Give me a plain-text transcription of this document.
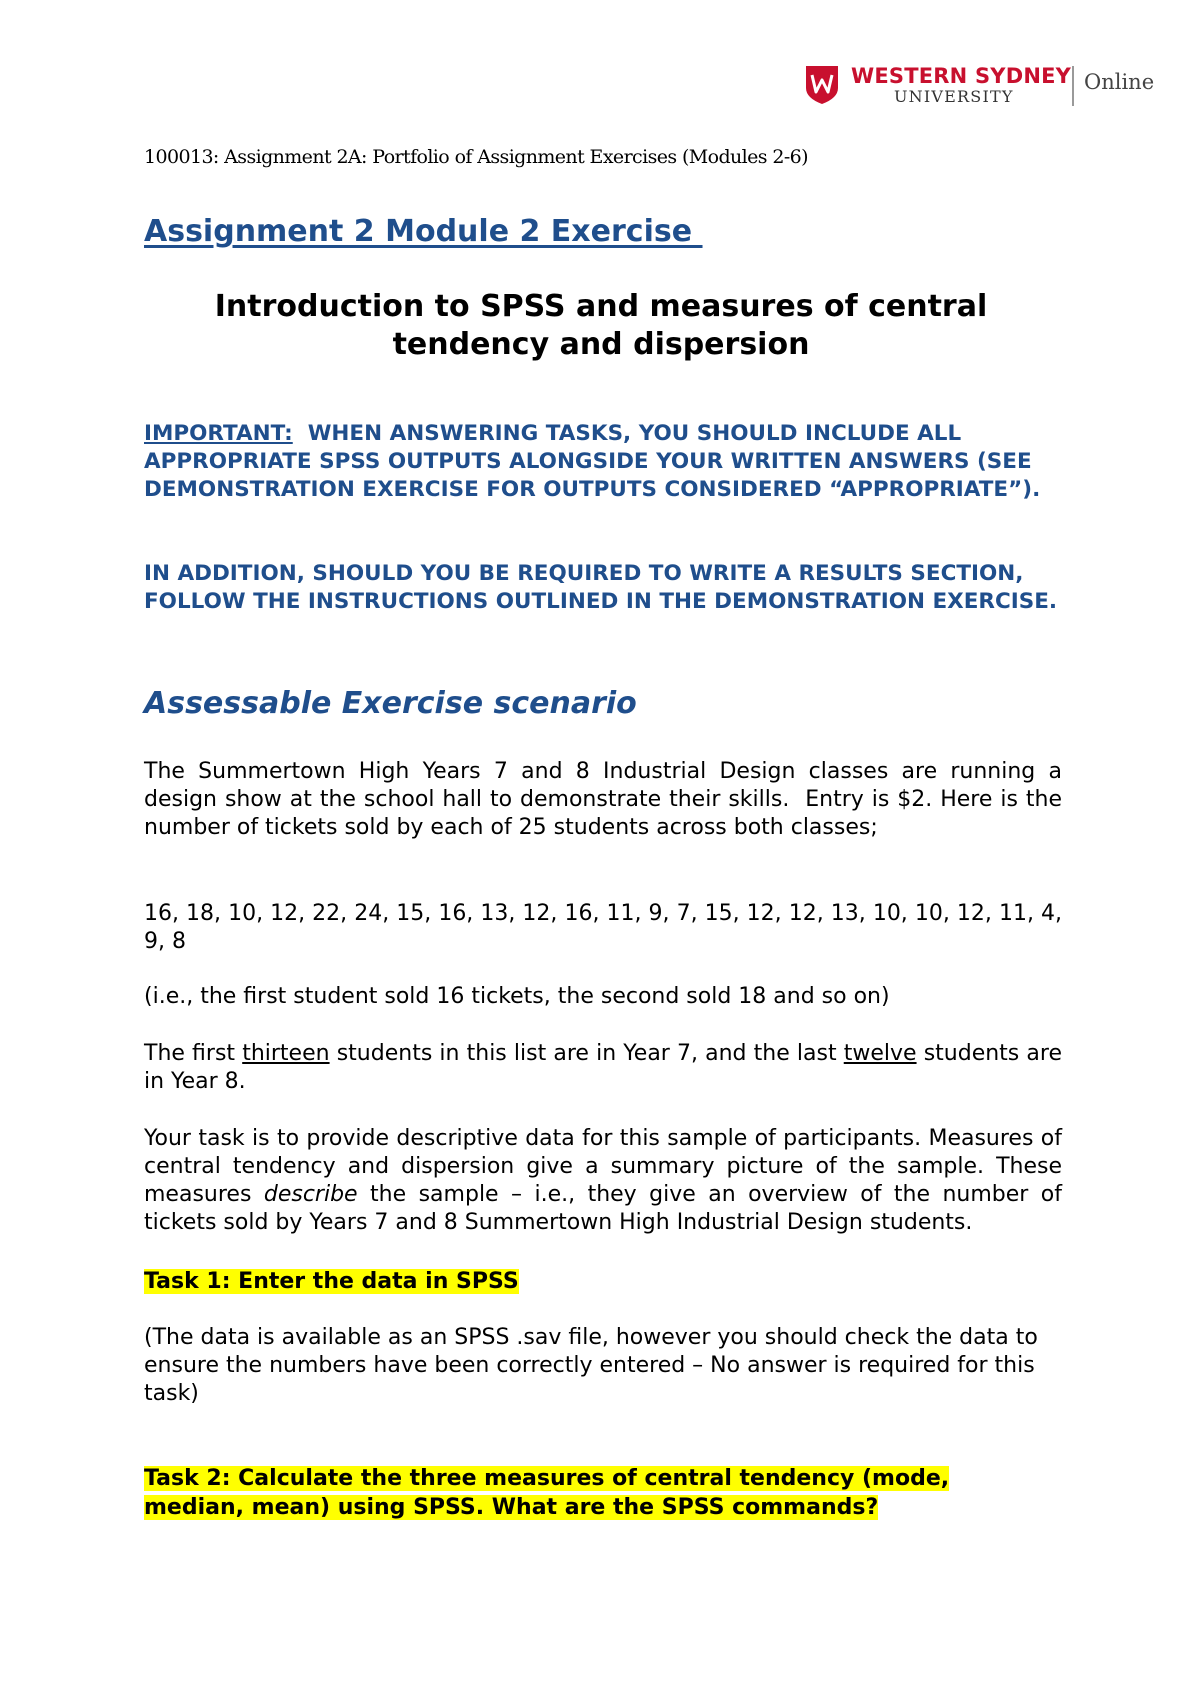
WESTERN SYDNEY
UNIVERSITY
Online
100013: Assignment 2A: Portfolio of Assignment Exercises (Modules 2-6)
Assignment 2 Module 2 Exercise
Introduction to SPSS and measures of central tendency and dispersion
IMPORTANT:  WHEN ANSWERING TASKS, YOU SHOULD INCLUDE ALL APPROPRIATE SPSS OUTPUTS ALONGSIDE YOUR WRITTEN ANSWERS (SEE DEMONSTRATION EXERCISE FOR OUTPUTS CONSIDERED “APPROPRIATE”).
IN ADDITION, SHOULD YOU BE REQUIRED TO WRITE A RESULTS SECTION, FOLLOW THE INSTRUCTIONS OUTLINED IN THE DEMONSTRATION EXERCISE.
Assessable Exercise scenario
The Summertown High Years 7 and 8 Industrial Design classes are running a design show at the school hall to demonstrate their skills.  Entry is $2. Here is the number of tickets sold by each of 25 students across both classes;
16, 18, 10, 12, 22, 24, 15, 16, 13, 12, 16, 11, 9, 7, 15, 12, 12, 13, 10, 10, 12, 11, 4, 9, 8
(i.e., the first student sold 16 tickets, the second sold 18 and so on)
The first thirteen students in this list are in Year 7, and the last twelve students are in Year 8.
Your task is to provide descriptive data for this sample of participants. Measures of central tendency and dispersion give a summary picture of the sample. These measures describe the sample – i.e., they give an overview of the number of tickets sold by Years 7 and 8 Summertown High Industrial Design students.
Task 1: Enter the data in SPSS
(The data is available as an SPSS .sav file, however you should check the data to ensure the numbers have been correctly entered – No answer is required for this task)
Task 2: Calculate the three measures of central tendency (mode,
median, mean) using SPSS. What are the SPSS commands?
